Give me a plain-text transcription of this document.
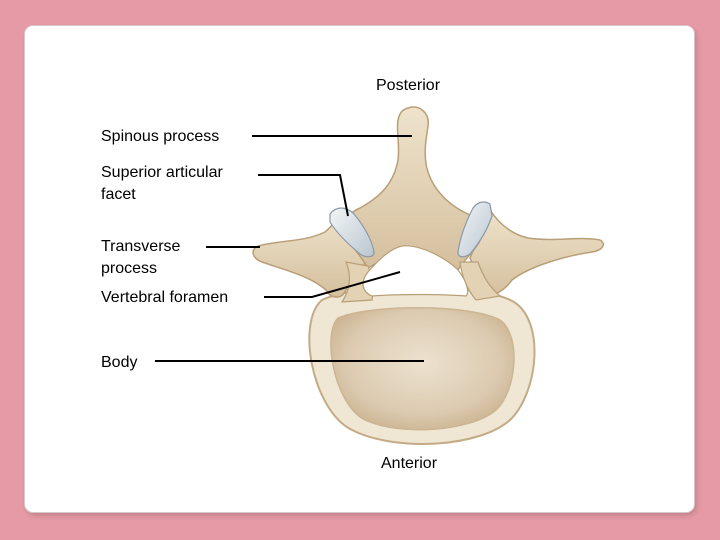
Posterior
Spinous process
Superior articular facet
Transverse process
Vertebral foramen
Body
Anterior
